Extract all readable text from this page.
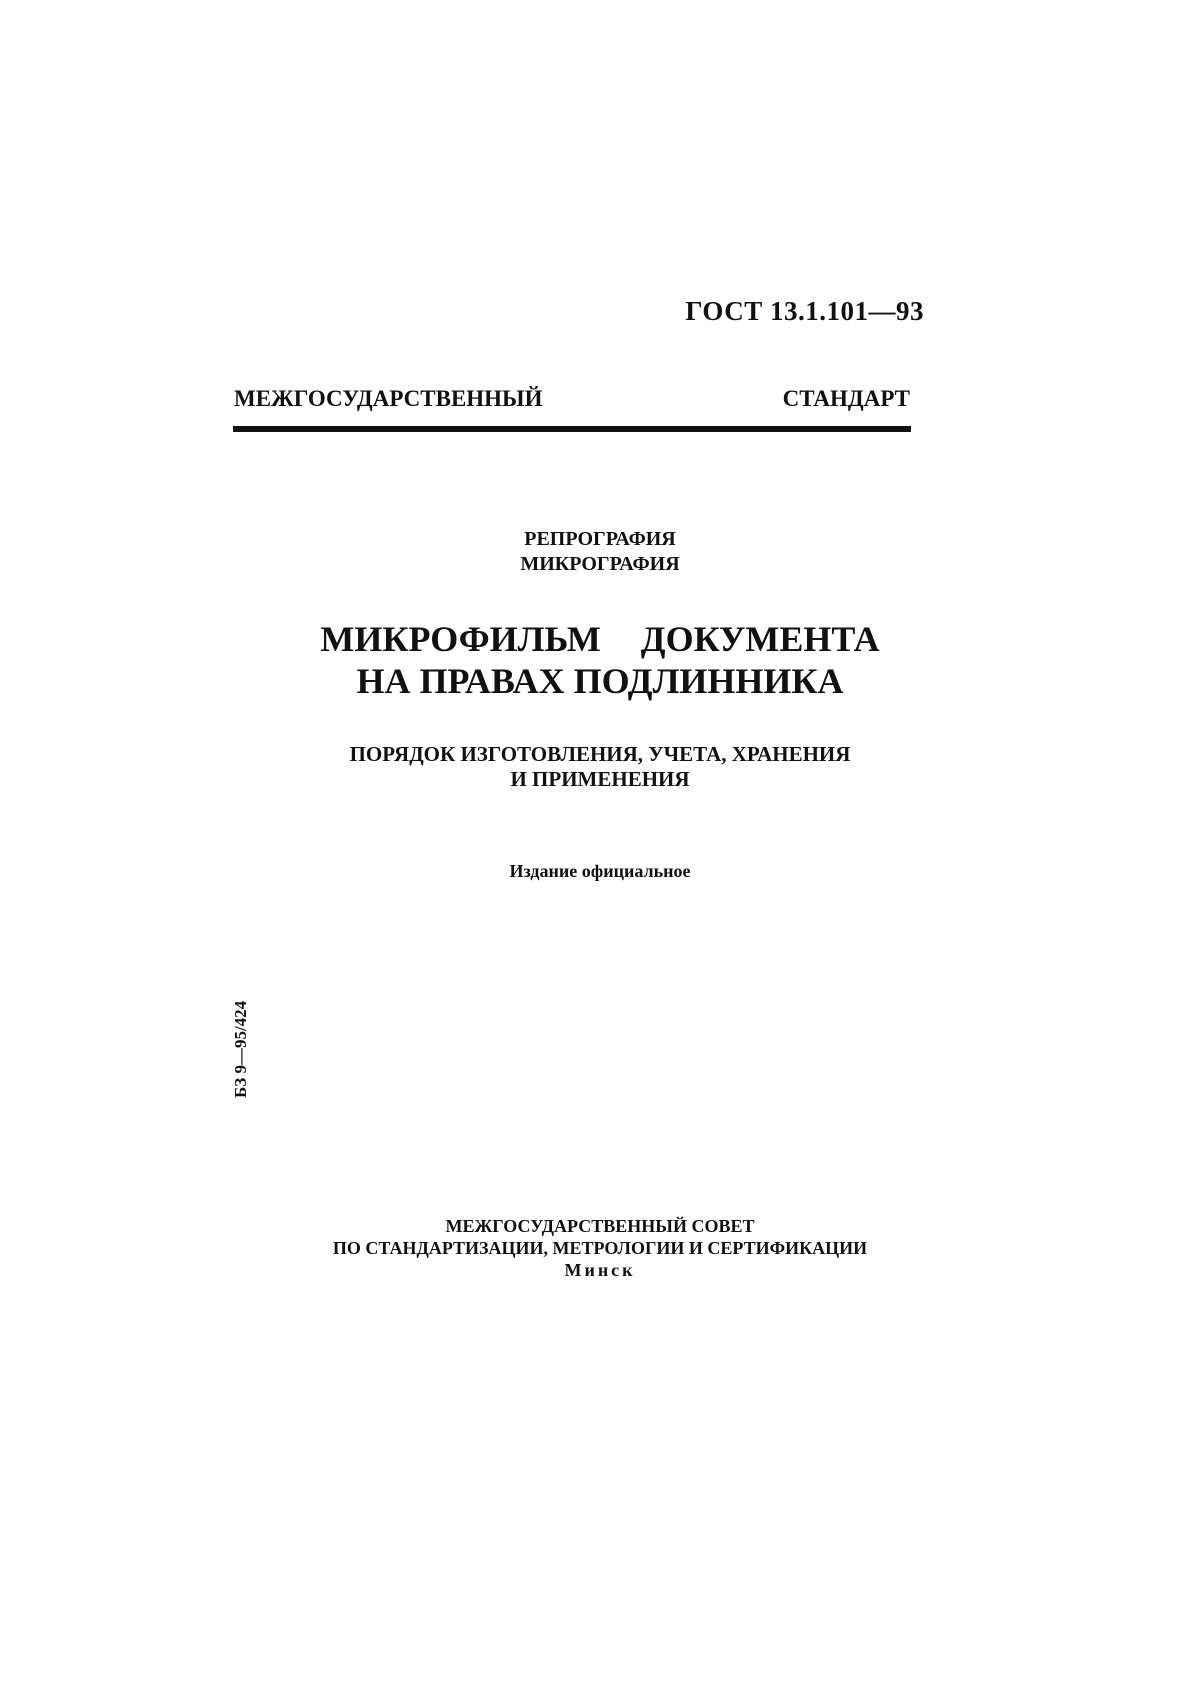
ГОСТ 13.1.101—93
МЕЖГОСУДАРСТВЕННЫЙ СТАНДАРТ
РЕПРОГРАФИЯ
МИКРОГРАФИЯ
МИКРОФИЛЬМ ДОКУМЕНТА
НА ПРАВАХ ПОДЛИННИКА
ПОРЯДОК ИЗГОТОВЛЕНИЯ, УЧЕТА, ХРАНЕНИЯ
И ПРИМЕНЕНИЯ
Издание официальное
БЗ 9—95/424
МЕЖГОСУДАРСТВЕННЫЙ СОВЕТ
ПО СТАНДАРТИЗАЦИИ, МЕТРОЛОГИИ И СЕРТИФИКАЦИИ
Минск
